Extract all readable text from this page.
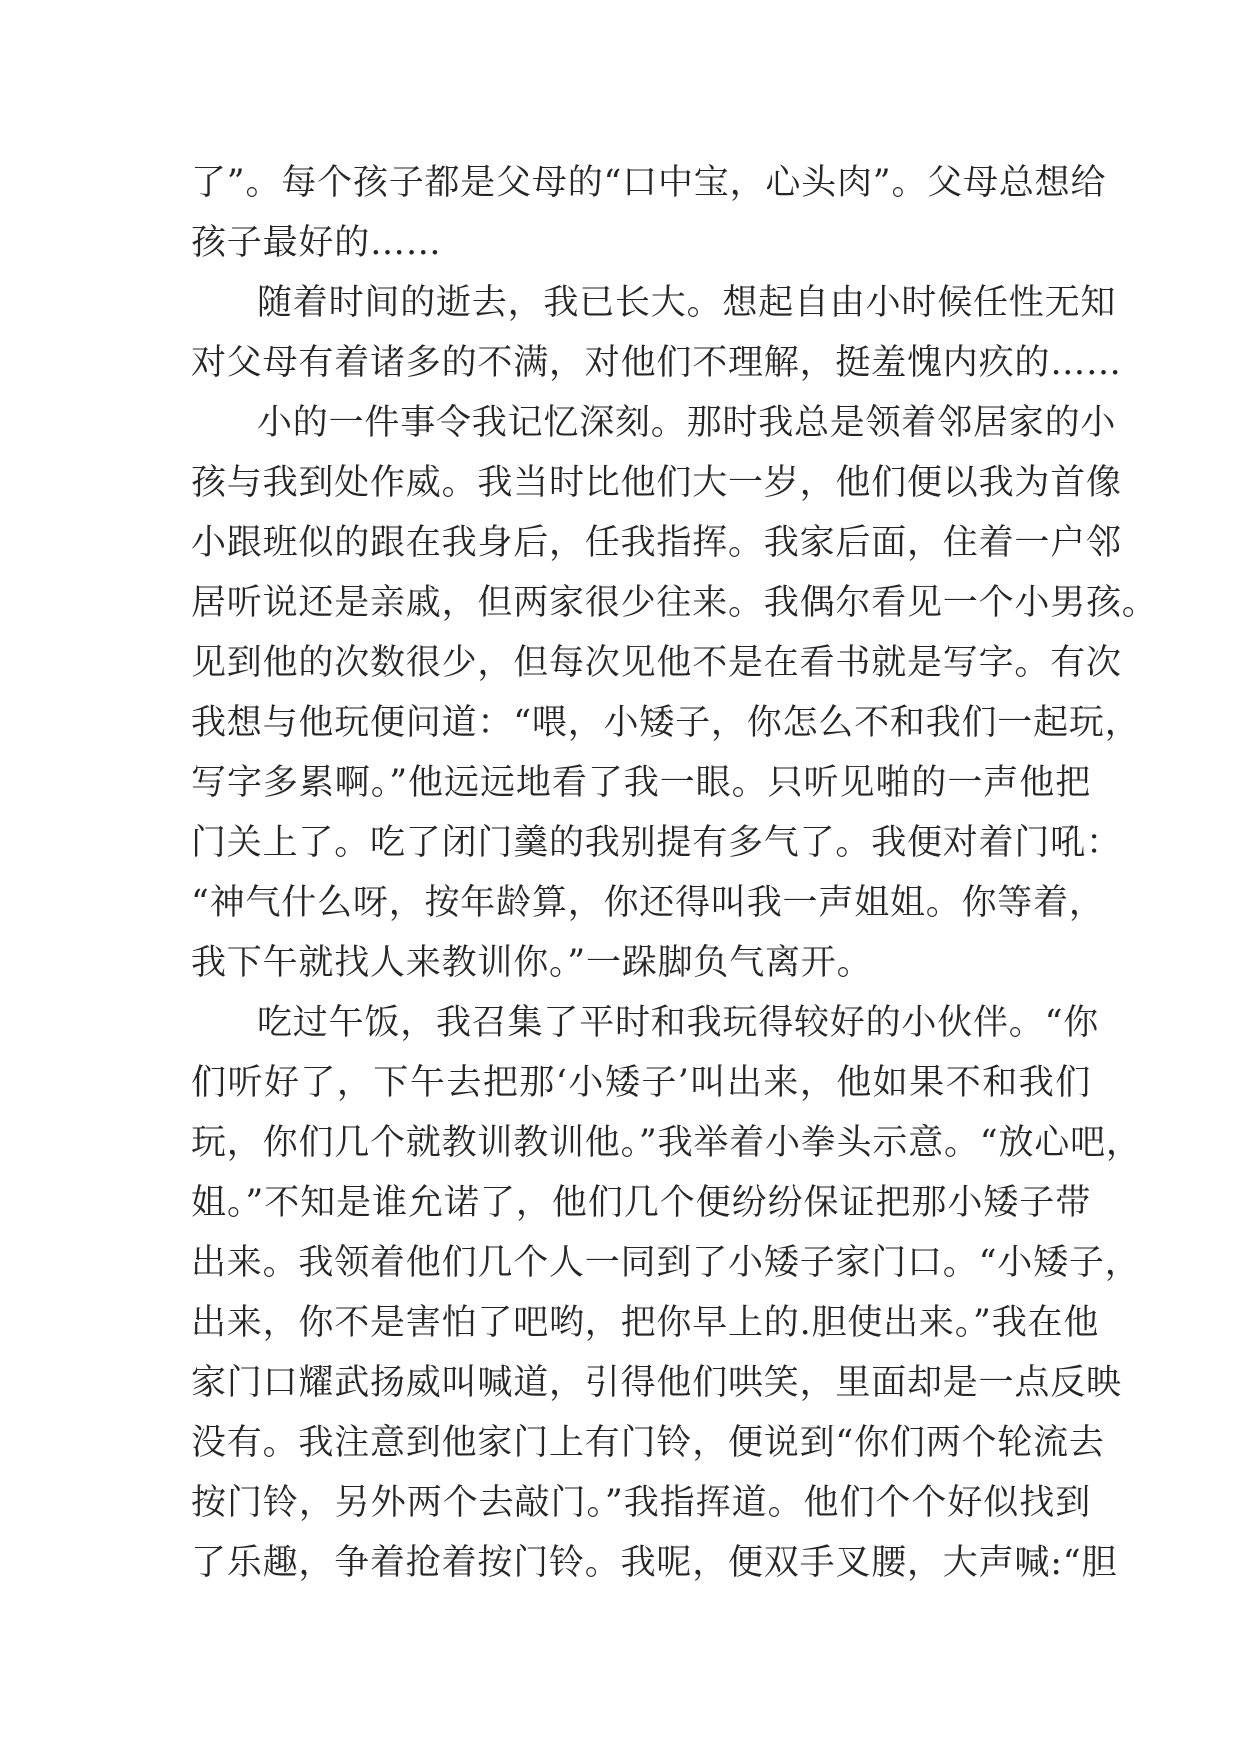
了”。每个孩子都是父母的“口中宝，心头肉”。父母总想给
孩子最好的……
随着时间的逝去，我已长大。想起自由小时候任性无知
对父母有着诸多的不满，对他们不理解，挺羞愧内疚的……
小的一件事令我记忆深刻。那时我总是领着邻居家的小
孩与我到处作威。我当时比他们大一岁，他们便以我为首像
小跟班似的跟在我身后，任我指挥。我家后面，住着一户邻
居听说还是亲戚，但两家很少往来。我偶尔看见一个小男孩。
见到他的次数很少，但每次见他不是在看书就是写字。有次
我想与他玩便问道：“喂，小矮子，你怎么不和我们一起玩，
写字多累啊。”他远远地看了我一眼。只听见啪的一声他把
门关上了。吃了闭门羹的我别提有多气了。我便对着门吼：
“神气什么呀，按年龄算，你还得叫我一声姐姐。你等着，
我下午就找人来教训你。”一跺脚负气离开。
吃过午饭，我召集了平时和我玩得较好的小伙伴。“你
们听好了，下午去把那‘小矮子’叫出来，他如果不和我们
玩，你们几个就教训教训他。”我举着小拳头示意。“放心吧，
姐。”不知是谁允诺了，他们几个便纷纷保证把那小矮子带
出来。我领着他们几个人一同到了小矮子家门口。“小矮子，
出来，你不是害怕了吧哟，把你早上的.胆使出来。”我在他
家门口耀武扬威叫喊道，引得他们哄笑，里面却是一点反映
没有。我注意到他家门上有门铃，便说到“你们两个轮流去
按门铃，另外两个去敲门。”我指挥道。他们个个好似找到
了乐趣，争着抢着按门铃。我呢，便双手叉腰，大声喊:“胆
